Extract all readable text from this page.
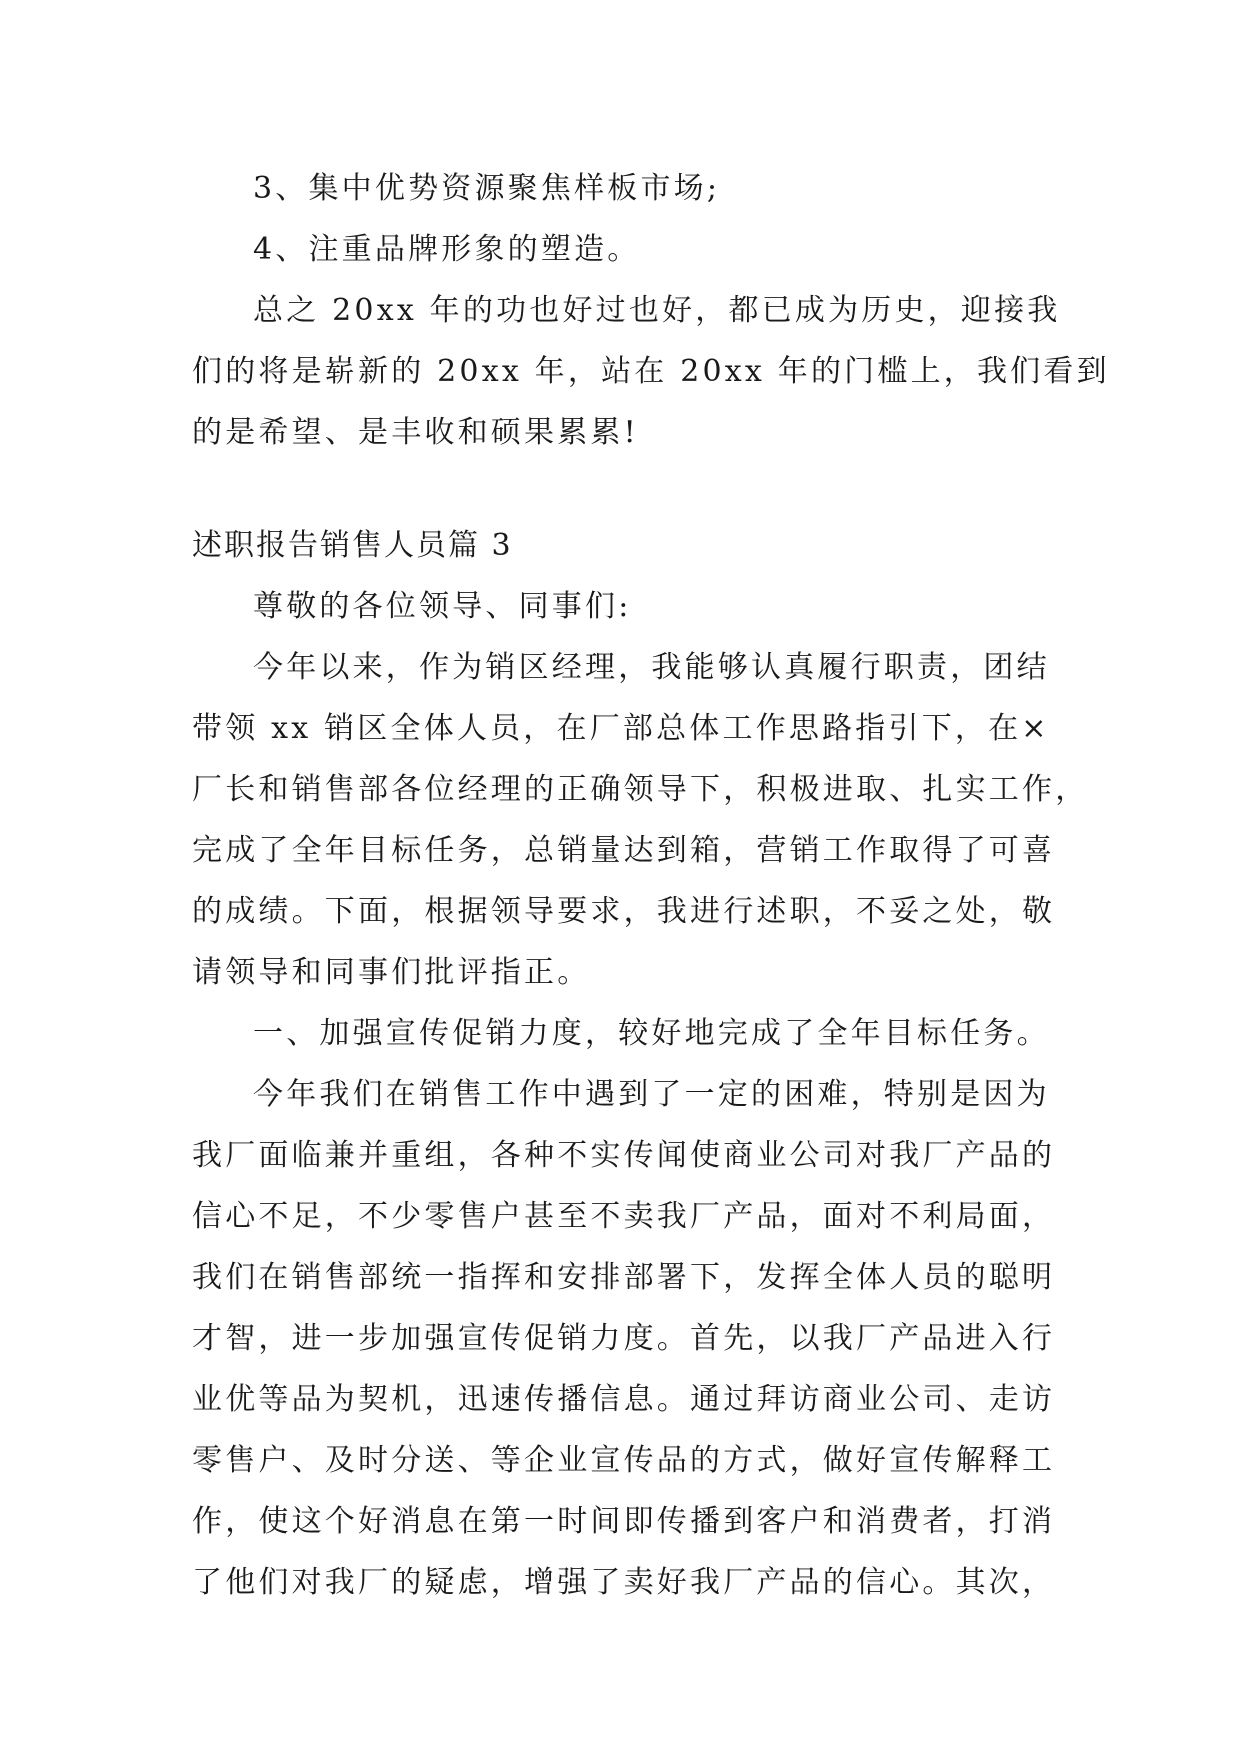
3、集中优势资源聚焦样板市场;

4、注重品牌形象的塑造。

总之 20xx 年的功也好过也好，都已成为历史，迎接我

们的将是崭新的 20xx 年，站在 20xx 年的门槛上，我们看到

的是希望、是丰收和硕果累累!

述职报告销售人员篇 3

尊敬的各位领导、同事们:

今年以来，作为销区经理，我能够认真履行职责，团结

带领 xx 销区全体人员，在厂部总体工作思路指引下，在×

厂长和销售部各位经理的正确领导下，积极进取、扎实工作，

完成了全年目标任务，总销量达到箱，营销工作取得了可喜

的成绩。下面，根据领导要求，我进行述职，不妥之处，敬

请领导和同事们批评指正。

一、加强宣传促销力度，较好地完成了全年目标任务。

今年我们在销售工作中遇到了一定的困难，特别是因为

我厂面临兼并重组，各种不实传闻使商业公司对我厂产品的

信心不足，不少零售户甚至不卖我厂产品，面对不利局面，

我们在销售部统一指挥和安排部署下，发挥全体人员的聪明

才智，进一步加强宣传促销力度。首先，以我厂产品进入行

业优等品为契机，迅速传播信息。通过拜访商业公司、走访

零售户、及时分送、等企业宣传品的方式，做好宣传解释工

作，使这个好消息在第一时间即传播到客户和消费者，打消

了他们对我厂的疑虑，增强了卖好我厂产品的信心。其次，
